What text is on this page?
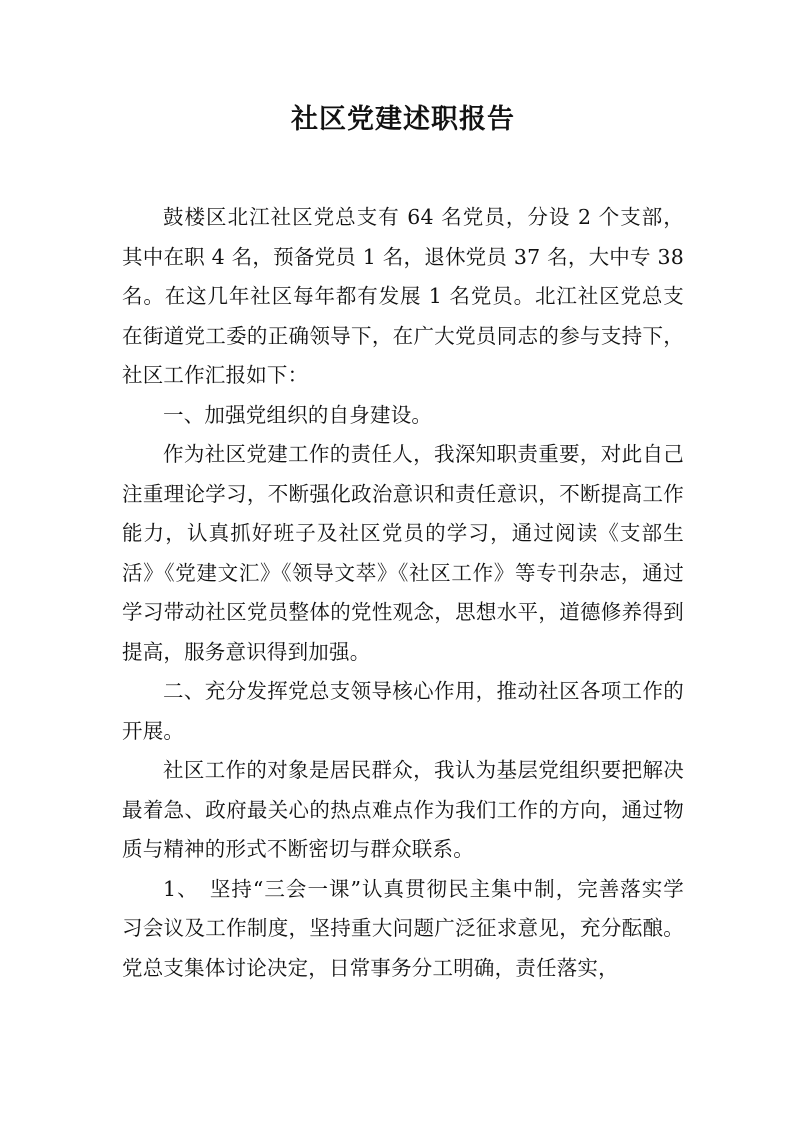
社区党建述职报告

鼓楼区北江社区党总支有 64 名党员，分设 2 个支部，其中在职 4 名，预备党员 1 名，退休党员 37 名，大中专 38 名。在这几年社区每年都有发展 1 名党员。北江社区党总支在街道党工委的正确领导下，在广大党员同志的参与支持下，社区工作汇报如下：

一、加强党组织的自身建设。

作为社区党建工作的责任人，我深知职责重要，对此自己注重理论学习，不断强化政治意识和责任意识，不断提高工作能力，认真抓好班子及社区党员的学习，通过阅读《支部生活》《党建文汇》《领导文萃》《社区工作》等专刊杂志，通过学习带动社区党员整体的党性观念，思想水平，道德修养得到提高，服务意识得到加强。

二、充分发挥党总支领导核心作用，推动社区各项工作的开展。

社区工作的对象是居民群众，我认为基层党组织要把解决最着急、政府最关心的热点难点作为我们工作的方向，通过物质与精神的形式不断密切与群众联系。

1、　坚持“三会一课”认真贯彻民主集中制，完善落实学习会议及工作制度，坚持重大问题广泛征求意见，充分酝酿。党总支集体讨论决定，日常事务分工明确，责任落实，
